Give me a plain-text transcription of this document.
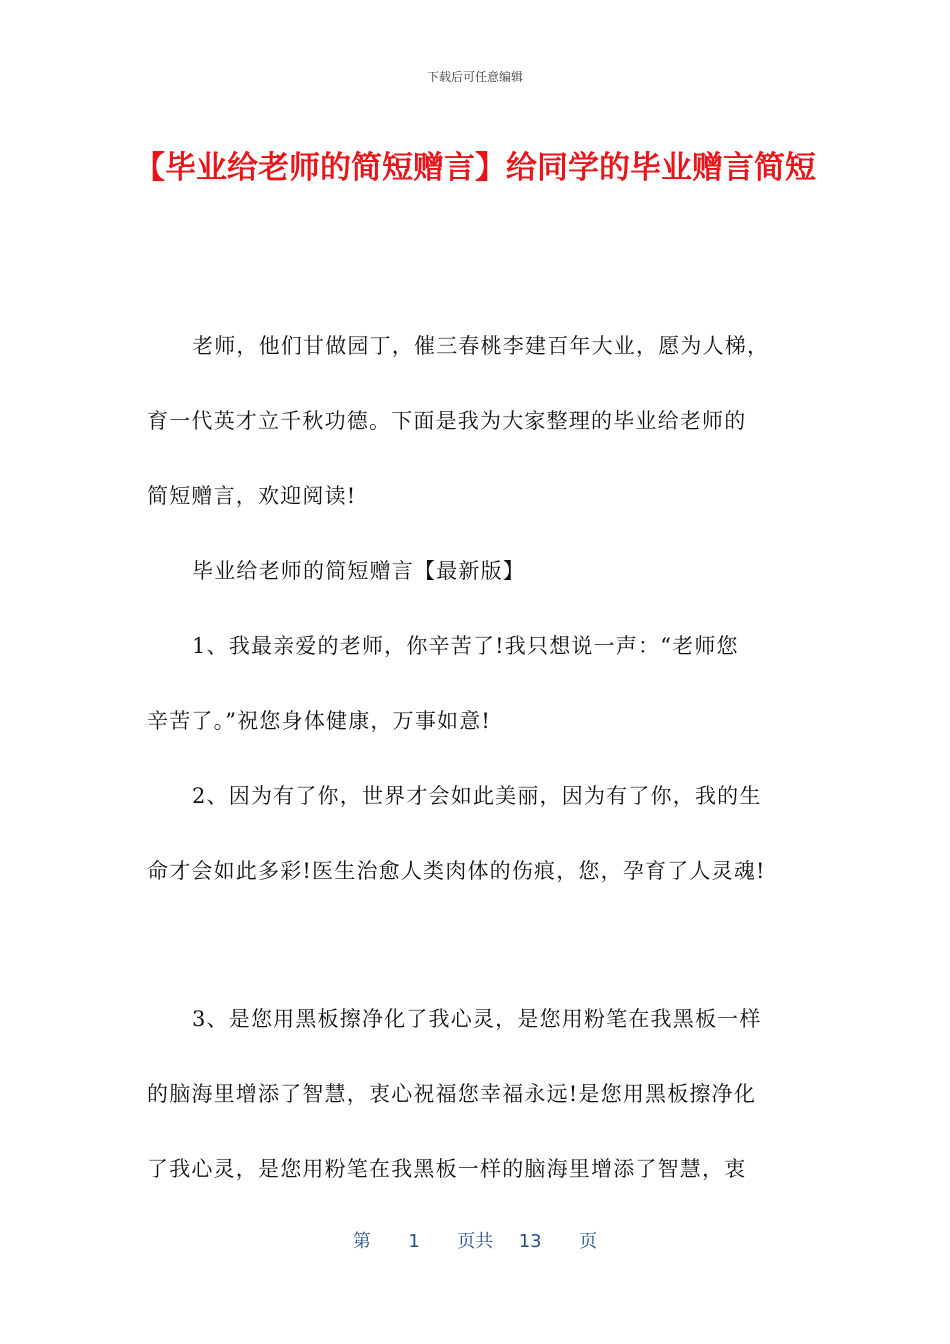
下载后可任意编辑
【毕业给老师的简短赠言】给同学的毕业赠言简短
老师，他们甘做园丁，催三春桃李建百年大业，愿为人梯，
育一代英才立千秋功德。下面是我为大家整理的毕业给老师的
简短赠言，欢迎阅读!
毕业给老师的简短赠言【最新版】
1、我最亲爱的老师，你辛苦了!我只想说一声：“老师您
辛苦了。”祝您身体健康，万事如意!
2、因为有了你，世界才会如此美丽，因为有了你，我的生
命才会如此多彩!医生治愈人类肉体的伤痕，您，孕育了人灵魂!
3、是您用黑板擦净化了我心灵，是您用粉笔在我黑板一样
的脑海里增添了智慧，衷心祝福您幸福永远!是您用黑板擦净化
了我心灵，是您用粉笔在我黑板一样的脑海里增添了智慧，衷
第 1 页共 13 页
